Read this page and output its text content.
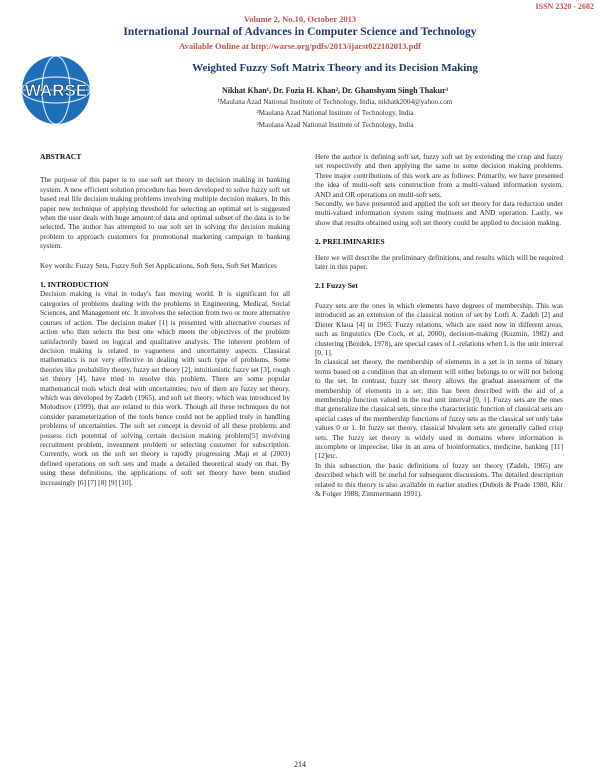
ISSN 2320 - 2602
Volume 2, No.10, October 2013
International Journal of Advances in Computer Science and Technology
Available Online at http://warse.org/pdfs/2013/ijacst022102013.pdf
WARSE
Weighted Fuzzy Soft Matrix Theory and its Decision Making
Nikhat Khan¹, Dr. Fozia H. Khan², Dr. Ghanshyam Singh Thakur³
¹Maulana Azad National Institute of Technology, India, nikhatk2004@yahoo.com
²Maulana Azad National Institute of Technology, India
³Maulana Azad National Institute of Technology, India

ABSTRACT

The purpose of this paper is to use soft set theory in decision making in banking system. A new efficient solution procedure has been developed to solve fuzzy soft set based real life decision making problems involving multiple decision makers. In this paper new technique of applying threshold for selecting an optimal set is suggested when the user deals with huge amount of data and optimal subset of the data is to be selected. The author has attempted to use soft set in solving the decision making problem to approach customers for promotional marketing campaign in banking system.

Key words: Fuzzy Sets, Fuzzy Soft Set Applications, Soft Sets, Soft Set Matrices

1. INTRODUCTION

Decision making is vital in today's fast moving world. It is significant for all categories of problems dealing with the problems in Engineering, Medical, Social Sciences, and Management etc. It involves the selection from two or more alternative courses of action. The decision maker [1] is presented with alternative courses of action who then selects the best one which meets the objectives of the problem satisfactorily based on logical and qualitative analysis. The inherent problem of decision making is related to vagueness and uncertainty aspects. Classical mathematics is not very effective in dealing with such type of problems. Some theories like probability theory, fuzzy set theory [2], intuitionistic fuzzy set [3], rough set theory [4], have tried to resolve this problem. There are some popular mathematical tools which deal with uncertainties; two of them are fuzzy set theory, which was developed by Zadeh (1965), and soft set theory, which was introduced by Molodtsov (1999), that are related to this work. Though all these techniques do not consider parameterization of the tools hence could not be applied truly in handling problems of uncertainties. The soft set concept is devoid of all these problems and possess rich potential of solving certain decision making problem[5] involving recruitment problem, investment problem or selecting customer for subscription. Currently, work on the soft set theory is rapidly progressing .Maji et al (2003) defined operations on soft sets and made a detailed theoretical study on that. By using these definitions, the applications of soft set theory have been studied increasingly [6] [7] [8] [9] [10].

Here the author is defining soft set, fuzzy soft set by extending the crisp and fuzzy set respectively and then applying the same to some decision making problems. Three major contributions of this work are as follows: Primarily, we have presented the idea of multi-soft sets construction from a multi-valued information system, AND and OR operations on multi-soft sets.

Secondly, we have presented and applied the soft set theory for data reduction under multi-valued information system using multisets and AND operation. Lastly, we show that results obtained using soft set theory could be applied to decision making.

2. PRELIMINARIES

Here we will describe the preliminary definitions, and results which will be required later in this paper.

2.1 Fuzzy Set

Fuzzy sets are the ones in which elements have degrees of membership. This was introduced as an extension of the classical notion of set by Lotfi A. Zadeh [2] and Dieter Klaua [4] in 1965. Fuzzy relations, which are used now in different areas, such as linguistics (De Cock, et al, 2000), decision-making (Kuzmin, 1982) and clustering (Bezdek, 1978), are special cases of L-relations when L is the unit interval [0, 1].

In classical set theory, the membership of elements in a set is in terms of binary terms based on a condition that an element will either belongs to or will not belong to the set. In contrast, fuzzy set theory allows the gradual assessment of the membership of elements in a set; this has been described with the aid of a membership function valued in the real unit interval [0, 1]. Fuzzy sets are the ones that generalize the classical sets, since the characteristic function of classical sets are special cases of the membership functions of fuzzy sets as the classical set only take values 0 or 1. In fuzzy set theory, classical bivalent sets are generally called crisp sets. The fuzzy set theory is widely used in domains where information is incomplete or imprecise, like in an area of bioinformatics, medicine, banking [11] [12]etc.

In this subsection, the basic definitions of fuzzy set theory (Zadeh, 1965) are described which will be useful for subsequent discussions. The detailed description related to this theory is also available in earlier studies (Dubois & Prade 1980, Klir & Folger 1988, Zimmermann 1991).

214
